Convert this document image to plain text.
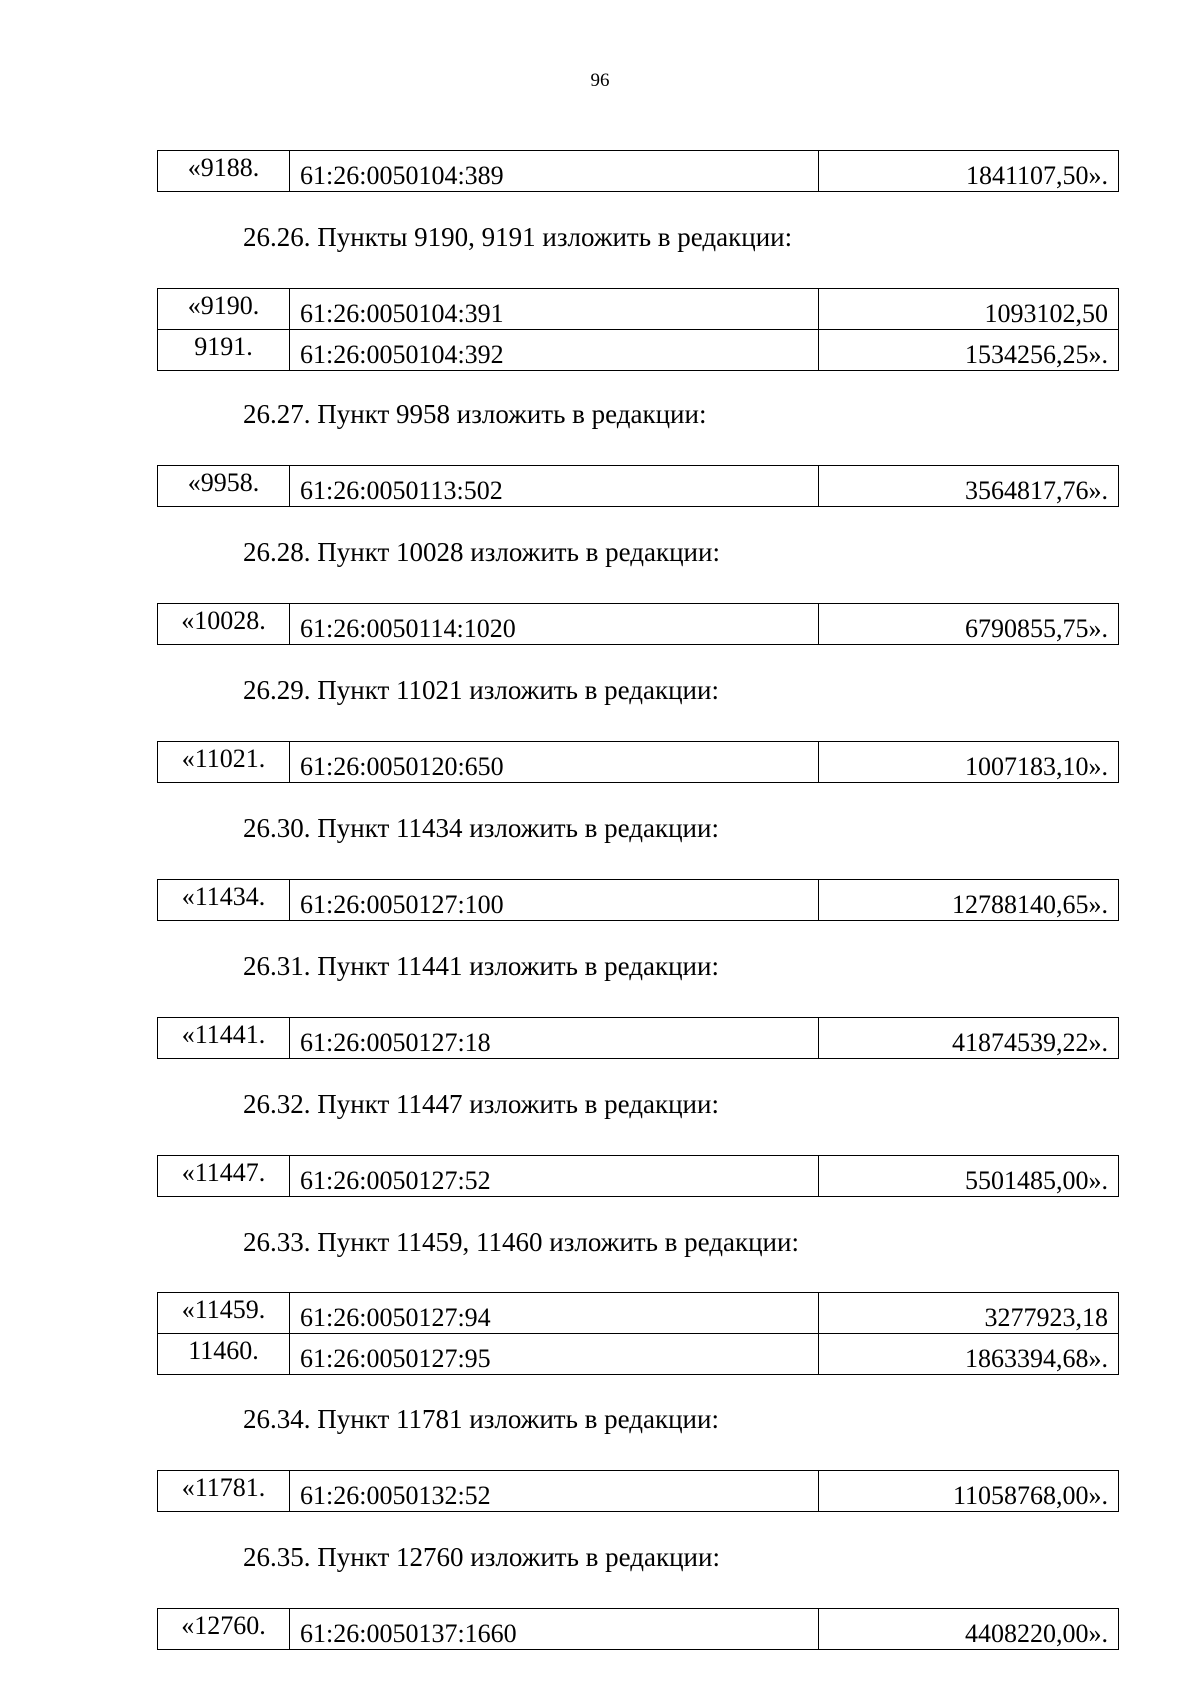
96
«9188.	61:26:0050104:389	1841107,50».
26.26. Пункты 9190, 9191 изложить в редакции:
«9190.	61:26:0050104:391	1093102,50
9191.	61:26:0050104:392	1534256,25».
26.27. Пункт 9958 изложить в редакции:
«9958.	61:26:0050113:502	3564817,76».
26.28. Пункт 10028 изложить в редакции:
«10028.	61:26:0050114:1020	6790855,75».
26.29. Пункт 11021 изложить в редакции:
«11021.	61:26:0050120:650	1007183,10».
26.30. Пункт 11434 изложить в редакции:
«11434.	61:26:0050127:100	12788140,65».
26.31. Пункт 11441 изложить в редакции:
«11441.	61:26:0050127:18	41874539,22».
26.32. Пункт 11447 изложить в редакции:
«11447.	61:26:0050127:52	5501485,00».
26.33. Пункт 11459, 11460 изложить в редакции:
«11459.	61:26:0050127:94	3277923,18
11460.	61:26:0050127:95	1863394,68».
26.34. Пункт 11781 изложить в редакции:
«11781.	61:26:0050132:52	11058768,00».
26.35. Пункт 12760 изложить в редакции:
«12760.	61:26:0050137:1660	4408220,00».
